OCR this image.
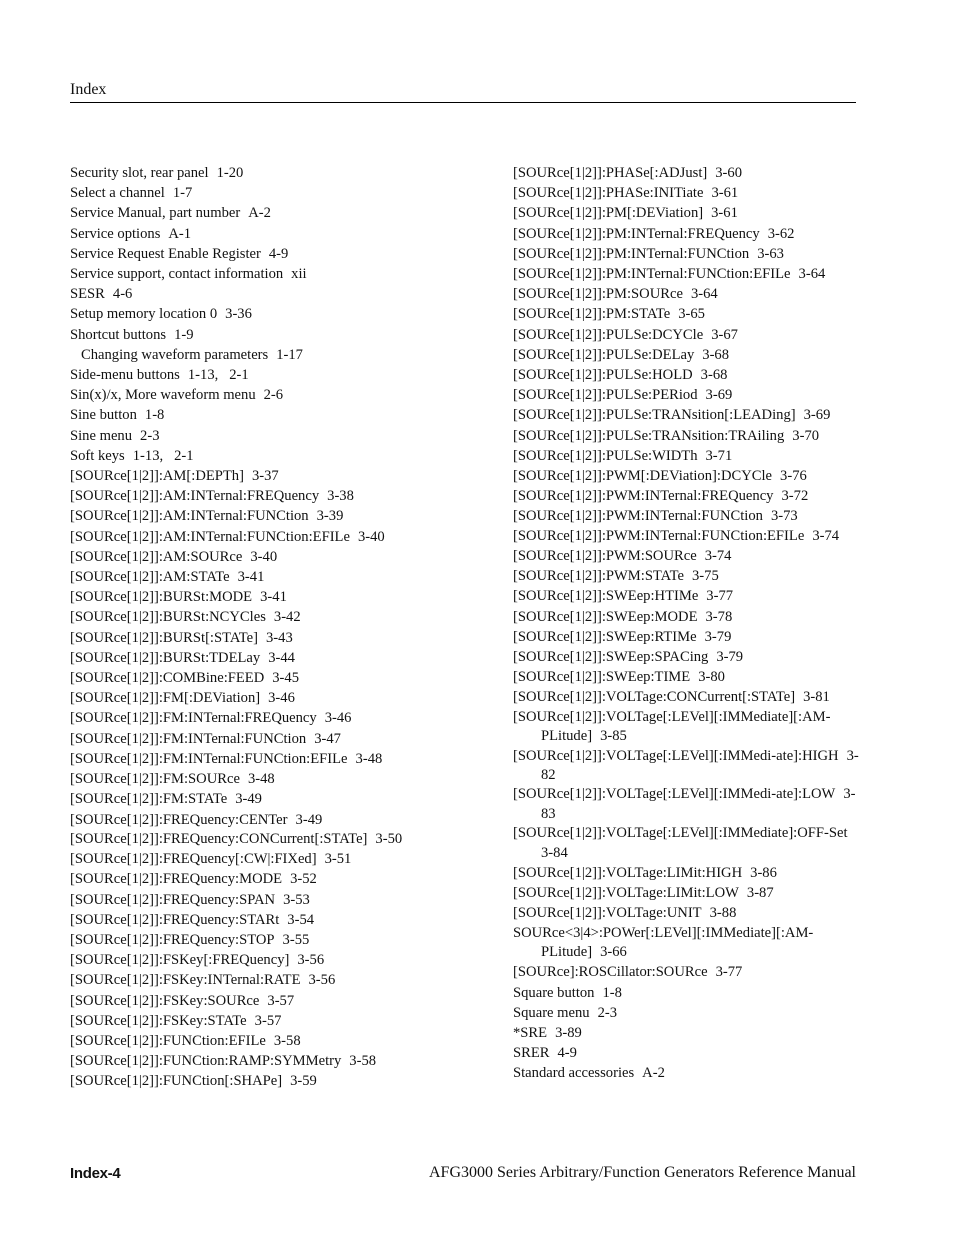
Index
Security slot, rear panel 1-20
Select a channel 1-7
Service Manual, part number A-2
Service options A-1
Service Request Enable Register 4-9
Service support, contact information xii
SESR 4-6
Setup memory location 0 3-36
Shortcut buttons 1-9
Changing waveform parameters 1-17
Side-menu buttons 1-13,   2-1
Sin(x)/x, More waveform menu 2-6
Sine button 1-8
Sine menu 2-3
Soft keys 1-13,   2-1
[SOURce[1|2]]:AM[:DEPTh] 3-37
[SOURce[1|2]]:AM:INTernal:FREQuency 3-38
[SOURce[1|2]]:AM:INTernal:FUNCtion 3-39
[SOURce[1|2]]:AM:INTernal:FUNCtion:EFILe 3-40
[SOURce[1|2]]:AM:SOURce 3-40
[SOURce[1|2]]:AM:STATe 3-41
[SOURce[1|2]]:BURSt:MODE 3-41
[SOURce[1|2]]:BURSt:NCYCles 3-42
[SOURce[1|2]]:BURSt[:STATe] 3-43
[SOURce[1|2]]:BURSt:TDELay 3-44
[SOURce[1|2]]:COMBine:FEED 3-45
[SOURce[1|2]]:FM[:DEViation] 3-46
[SOURce[1|2]]:FM:INTernal:FREQuency 3-46
[SOURce[1|2]]:FM:INTernal:FUNCtion 3-47
[SOURce[1|2]]:FM:INTernal:FUNCtion:EFILe 3-48
[SOURce[1|2]]:FM:SOURce 3-48
[SOURce[1|2]]:FM:STATe 3-49
[SOURce[1|2]]:FREQuency:CENTer 3-49
[SOURce[1|2]]:FREQuency:CONCurrent[:STATe] 3-50
[SOURce[1|2]]:FREQuency[:CW|:FIXed] 3-51
[SOURce[1|2]]:FREQuency:MODE 3-52
[SOURce[1|2]]:FREQuency:SPAN 3-53
[SOURce[1|2]]:FREQuency:STARt 3-54
[SOURce[1|2]]:FREQuency:STOP 3-55
[SOURce[1|2]]:FSKey[:FREQuency] 3-56
[SOURce[1|2]]:FSKey:INTernal:RATE 3-56
[SOURce[1|2]]:FSKey:SOURce 3-57
[SOURce[1|2]]:FSKey:STATe 3-57
[SOURce[1|2]]:FUNCtion:EFILe 3-58
[SOURce[1|2]]:FUNCtion:RAMP:SYMMetry 3-58
[SOURce[1|2]]:FUNCtion[:SHAPe] 3-59
[SOURce[1|2]]:PHASe[:ADJust] 3-60
[SOURce[1|2]]:PHASe:INITiate 3-61
[SOURce[1|2]]:PM[:DEViation] 3-61
[SOURce[1|2]]:PM:INTernal:FREQuency 3-62
[SOURce[1|2]]:PM:INTernal:FUNCtion 3-63
[SOURce[1|2]]:PM:INTernal:FUNCtion:EFILe 3-64
[SOURce[1|2]]:PM:SOURce 3-64
[SOURce[1|2]]:PM:STATe 3-65
[SOURce[1|2]]:PULSe:DCYCle 3-67
[SOURce[1|2]]:PULSe:DELay 3-68
[SOURce[1|2]]:PULSe:HOLD 3-68
[SOURce[1|2]]:PULSe:PERiod 3-69
[SOURce[1|2]]:PULSe:TRANsition[:LEADing] 3-69
[SOURce[1|2]]:PULSe:TRANsition:TRAiling 3-70
[SOURce[1|2]]:PULSe:WIDTh 3-71
[SOURce[1|2]]:PWM[:DEViation]:DCYCle 3-76
[SOURce[1|2]]:PWM:INTernal:FREQuency 3-72
[SOURce[1|2]]:PWM:INTernal:FUNCtion 3-73
[SOURce[1|2]]:PWM:INTernal:FUNCtion:EFILe 3-74
[SOURce[1|2]]:PWM:SOURce 3-74
[SOURce[1|2]]:PWM:STATe 3-75
[SOURce[1|2]]:SWEep:HTIMe 3-77
[SOURce[1|2]]:SWEep:MODE 3-78
[SOURce[1|2]]:SWEep:RTIMe 3-79
[SOURce[1|2]]:SWEep:SPACing 3-79
[SOURce[1|2]]:SWEep:TIME 3-80
[SOURce[1|2]]:VOLTage:CONCurrent[:STATe] 3-81
[SOURce[1|2]]:VOLTage[:LEVel][:IMMediate][:AM-PLitude] 3-85
[SOURce[1|2]]:VOLTage[:LEVel][:IMMedi-ate]:HIGH 3-82
[SOURce[1|2]]:VOLTage[:LEVel][:IMMedi-ate]:LOW 3-83
[SOURce[1|2]]:VOLTage[:LEVel][:IMMediate]:OFF-Set3-84
[SOURce[1|2]]:VOLTage:LIMit:HIGH 3-86
[SOURce[1|2]]:VOLTage:LIMit:LOW 3-87
[SOURce[1|2]]:VOLTage:UNIT 3-88
SOURce<3|4>:POWer[:LEVel][:IMMediate][:AM-PLitude] 3-66
[SOURce]:ROSCillator:SOURce 3-77
Square button 1-8
Square menu 2-3
*SRE 3-89
SRER 4-9
Standard accessories A-2
Index-4	AFG3000 Series Arbitrary/Function Generators Reference Manual
